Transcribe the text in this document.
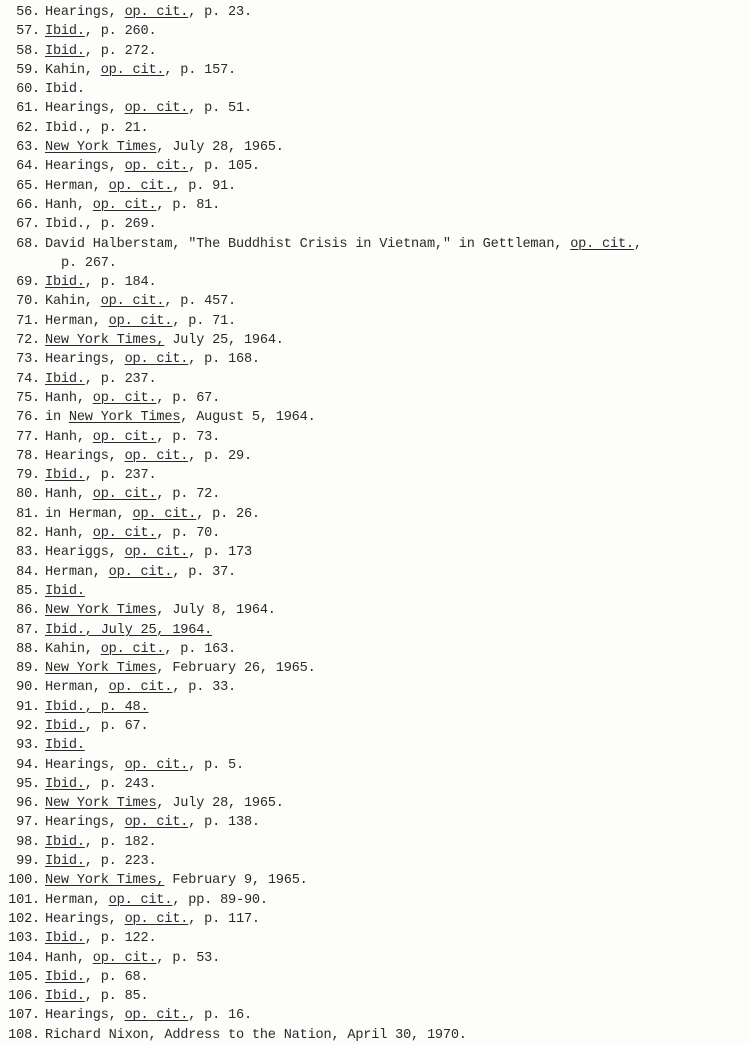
56. Hearings, op. cit., p. 23.
57. Ibid., p. 260.
58. Ibid., p. 272.
59. Kahin, op. cit., p. 157.
60. Ibid.
61. Hearings, op. cit., p. 51.
62. Ibid., p. 21.
63. New York Times, July 28, 1965.
64. Hearings, op. cit., p. 105.
65. Herman, op. cit., p. 91.
66. Hanh, op. cit., p. 81.
67. Ibid., p. 269.
68. David Halberstam, "The Buddhist Crisis in Vietnam," in Gettleman, op. cit.,
p. 267.
69. Ibid., p. 184.
70. Kahin, op. cit., p. 457.
71. Herman, op. cit., p. 71.
72. New York Times, July 25, 1964.
73. Hearings, op. cit., p. 168.
74. Ibid., p. 237.
75. Hanh, op. cit., p. 67.
76. in New York Times, August 5, 1964.
77. Hanh, op. cit., p. 73.
78. Hearings, op. cit., p. 29.
79. Ibid., p. 237.
80. Hanh, op. cit., p. 72.
81. in Herman, op. cit., p. 26.
82. Hanh, op. cit., p. 70.
83. Heariggs, op. cit., p. 173
84. Herman, op. cit., p. 37.
85. Ibid.
86. New York Times, July 8, 1964.
87. Ibid., July 25, 1964.
88. Kahin, op. cit., p. 163.
89. New York Times, February 26, 1965.
90. Herman, op. cit., p. 33.
91. Ibid., p. 48.
92. Ibid., p. 67.
93. Ibid.
94. Hearings, op. cit., p. 5.
95. Ibid., p. 243.
96. New York Times, July 28, 1965.
97. Hearings, op. cit., p. 138.
98. Ibid., p. 182.
99. Ibid., p. 223.
100. New York Times, February 9, 1965.
101. Herman, op. cit., pp. 89-90.
102. Hearings, op. cit., p. 117.
103. Ibid., p. 122.
104. Hanh, op. cit., p. 53.
105. Ibid., p. 68.
106. Ibid., p. 85.
107. Hearings, op. cit., p. 16.
108. Richard Nixon, Address to the Nation, April 30, 1970.
